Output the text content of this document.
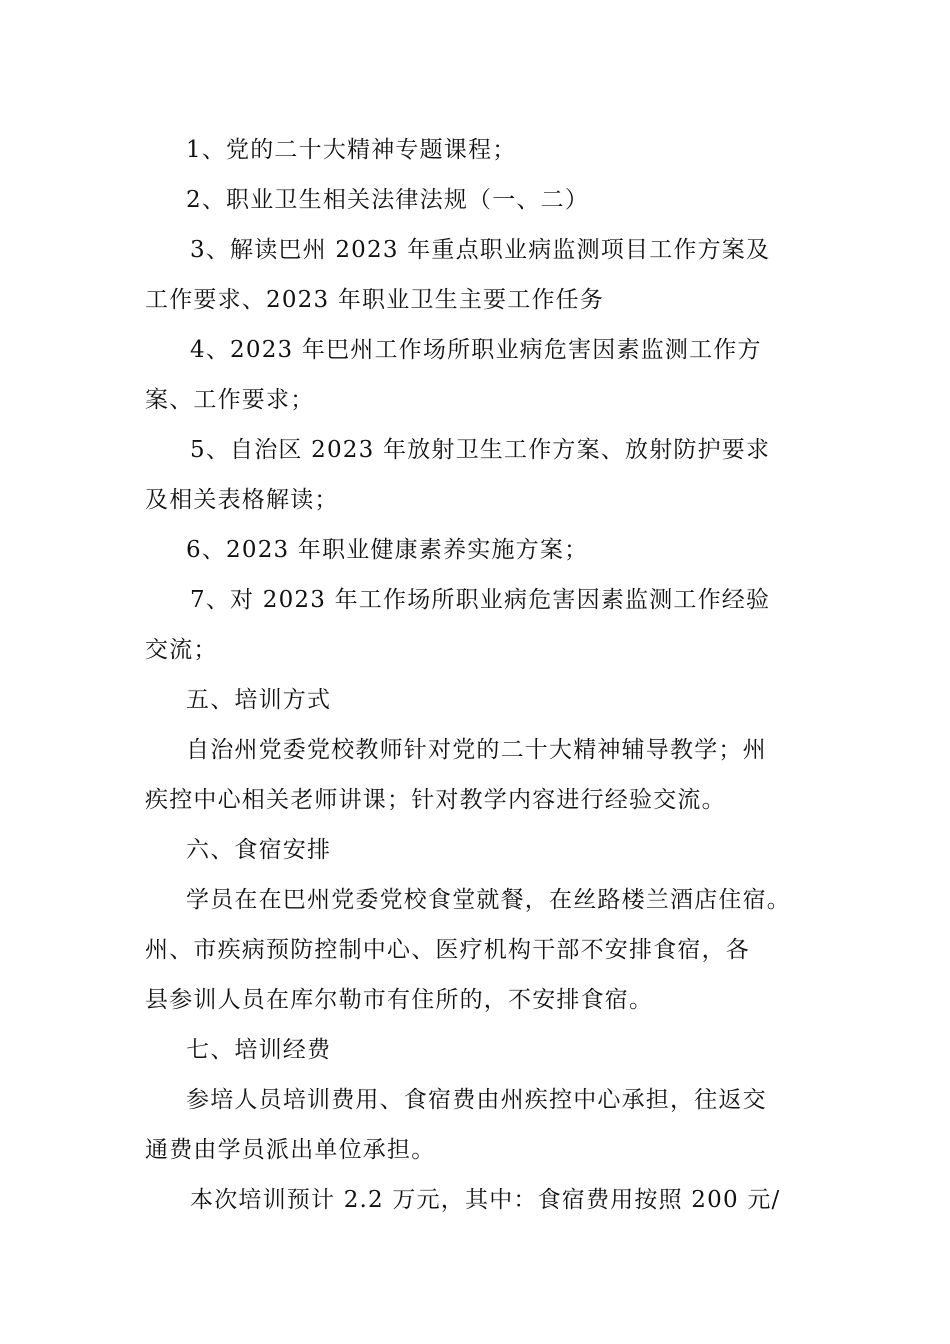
1、党的二十大精神专题课程；
2、职业卫生相关法律法规（一、二）
3、解读巴州 2023 年重点职业病监测项目工作方案及
工作要求、2023 年职业卫生主要工作任务
4、2023 年巴州工作场所职业病危害因素监测工作方
案、工作要求；
5、自治区 2023 年放射卫生工作方案、放射防护要求
及相关表格解读；
6、2023 年职业健康素养实施方案；
7、对 2023 年工作场所职业病危害因素监测工作经验
交流；
五、培训方式
自治州党委党校教师针对党的二十大精神辅导教学；州
疾控中心相关老师讲课；针对教学内容进行经验交流。
六、食宿安排
学员在在巴州党委党校食堂就餐，在丝路楼兰酒店住宿。
州、市疾病预防控制中心、医疗机构干部不安排食宿，各
县参训人员在库尔勒市有住所的，不安排食宿。
七、培训经费
参培人员培训费用、食宿费由州疾控中心承担，往返交
通费由学员派出单位承担。
本次培训预计 2.2 万元，其中：食宿费用按照 200 元/
